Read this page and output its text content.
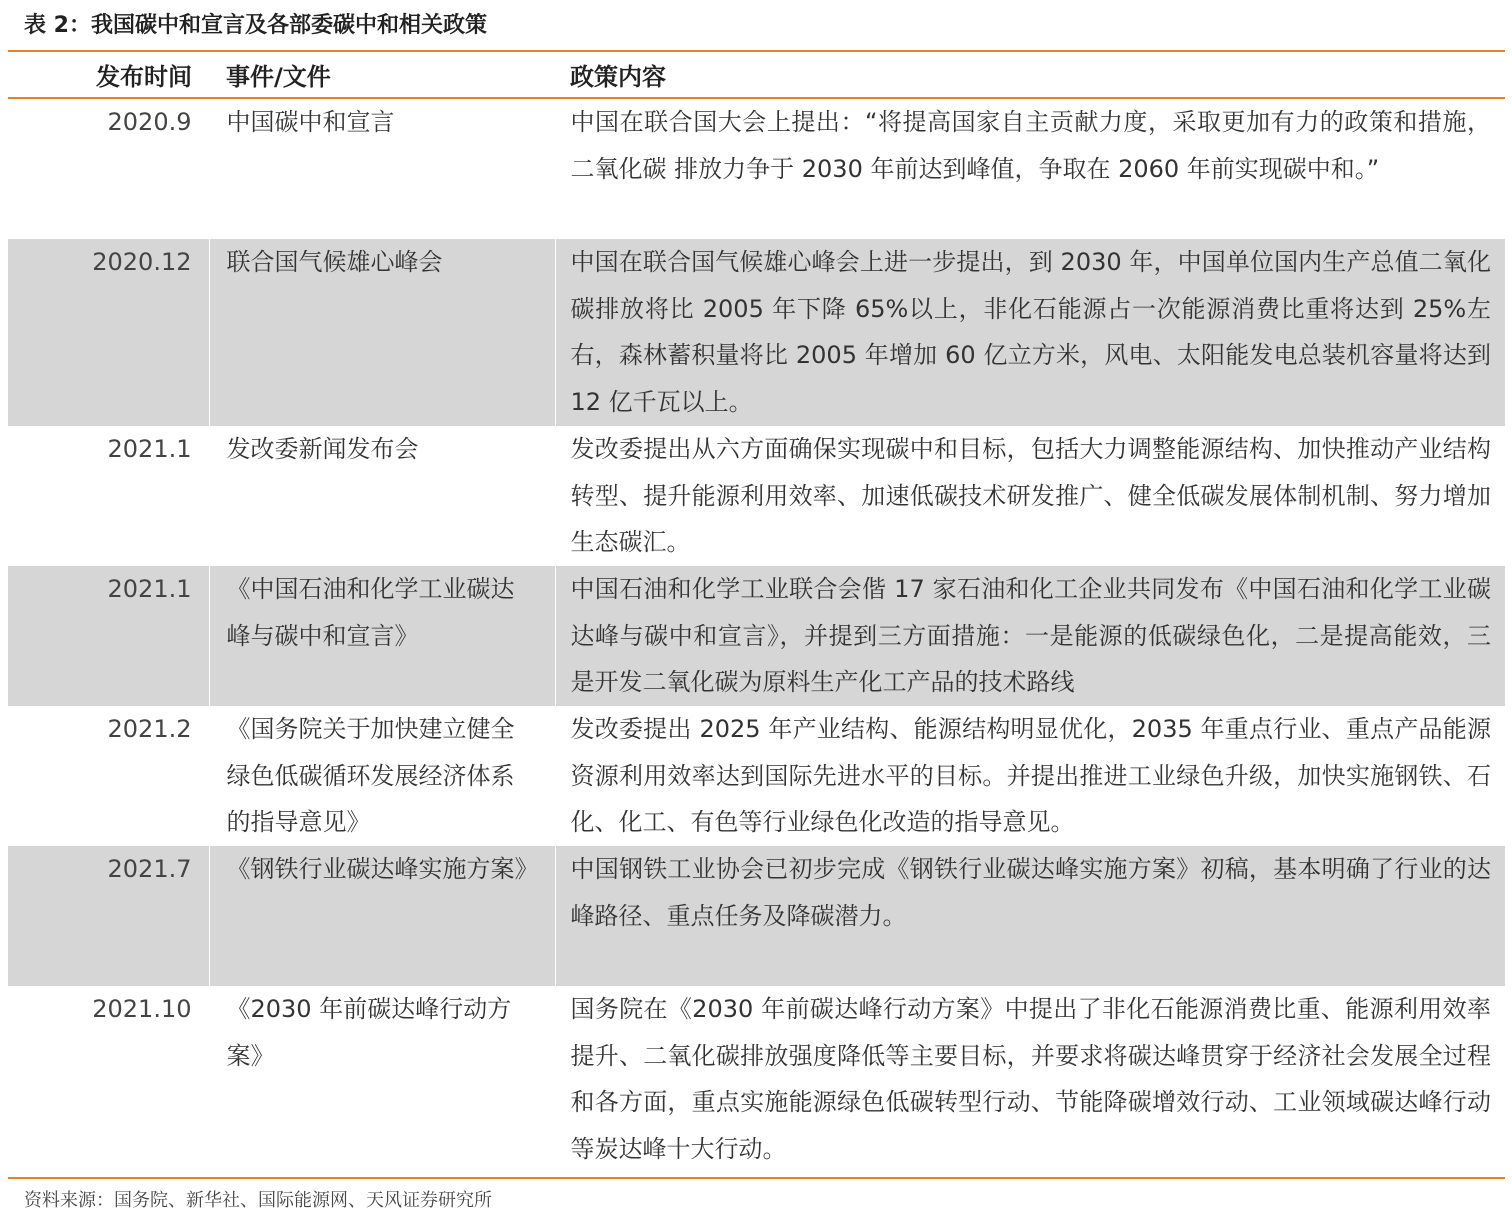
表 2：我国碳中和宣言及各部委碳中和相关政策
发布时间	事件/文件	政策内容
2020.9	中国碳中和宣言	中国在联合国大会上提出：“将提高国家自主贡献力度，采取更加有力的政策和措施，二氧化碳 排放力争于 2030 年前达到峰值，争取在 2060 年前实现碳中和。”
2020.12	联合国气候雄心峰会	中国在联合国气候雄心峰会上进一步提出，到 2030 年，中国单位国内生产总值二氧化碳排放将比 2005 年下降 65%以上，非化石能源占一次能源消费比重将达到 25%左右，森林蓄积量将比 2005 年增加 60 亿立方米，风电、太阳能发电总装机容量将达到 12 亿千瓦以上。
2021.1	发改委新闻发布会	发改委提出从六方面确保实现碳中和目标，包括大力调整能源结构、加快推动产业结构转型、提升能源利用效率、加速低碳技术研发推广、健全低碳发展体制机制、努力增加生态碳汇。
2021.1	《中国石油和化学工业碳达峰与碳中和宣言》	中国石油和化学工业联合会偕 17 家石油和化工企业共同发布《中国石油和化学工业碳达峰与碳中和宣言》，并提到三方面措施：一是能源的低碳绿色化，二是提高能效，三是开发二氧化碳为原料生产化工产品的技术路线
2021.2	《国务院关于加快建立健全绿色低碳循环发展经济体系的指导意见》	发改委提出 2025 年产业结构、能源结构明显优化，2035 年重点行业、重点产品能源资源利用效率达到国际先进水平的目标。并提出推进工业绿色升级，加快实施钢铁、石化、化工、有色等行业绿色化改造的指导意见。
2021.7	《钢铁行业碳达峰实施方案》	中国钢铁工业协会已初步完成《钢铁行业碳达峰实施方案》初稿，基本明确了行业的达峰路径、重点任务及降碳潜力。
2021.10	《2030 年前碳达峰行动方案》	国务院在《2030 年前碳达峰行动方案》中提出了非化石能源消费比重、能源利用效率提升、二氧化碳排放强度降低等主要目标，并要求将碳达峰贯穿于经济社会发展全过程和各方面，重点实施能源绿色低碳转型行动、节能降碳增效行动、工业领域碳达峰行动等炭达峰十大行动。
资料来源：国务院、新华社、国际能源网、天风证券研究所
